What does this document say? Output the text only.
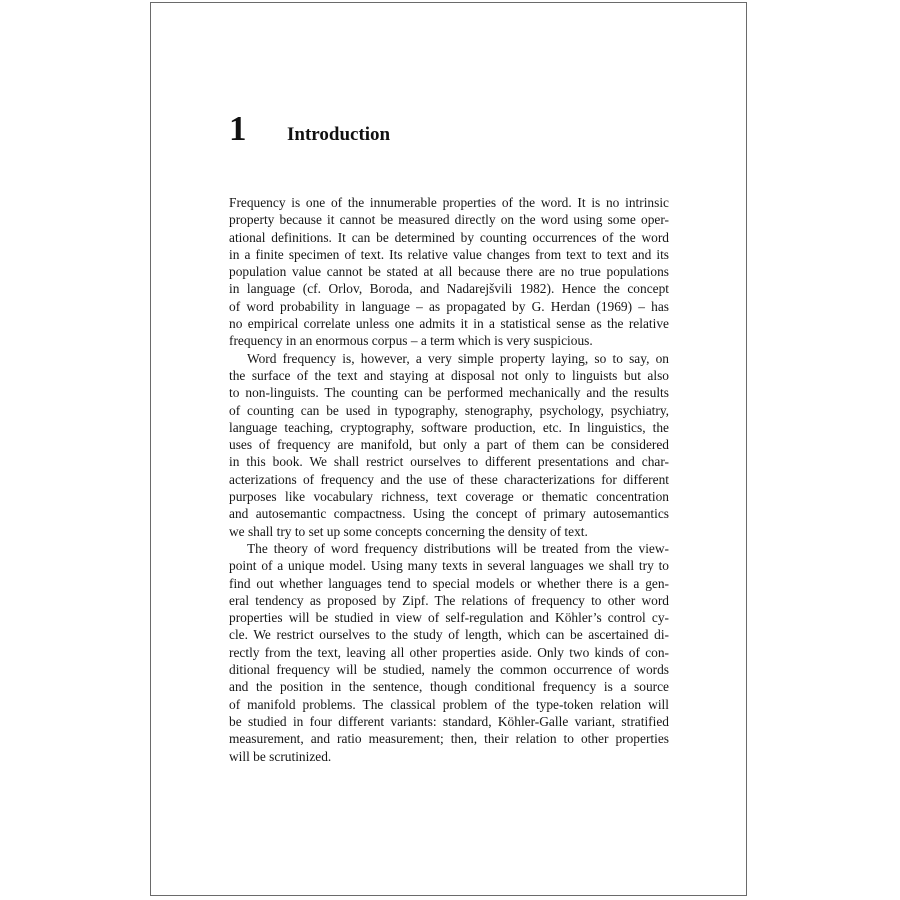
1	Introduction

Frequency is one of the innumerable properties of the word. It is no intrinsic
property because it cannot be measured directly on the word using some oper-
ational definitions. It can be determined by counting occurrences of the word
in a finite specimen of text. Its relative value changes from text to text and its
population value cannot be stated at all because there are no true populations
in language (cf. Orlov, Boroda, and Nadarejšvili 1982). Hence the concept
of word probability in language – as propagated by G. Herdan (1969) – has
no empirical correlate unless one admits it in a statistical sense as the relative
frequency in an enormous corpus – a term which is very suspicious.

Word frequency is, however, a very simple property laying, so to say, on
the surface of the text and staying at disposal not only to linguists but also
to non-linguists. The counting can be performed mechanically and the results
of counting can be used in typography, stenography, psychology, psychiatry,
language teaching, cryptography, software production, etc. In linguistics, the
uses of frequency are manifold, but only a part of them can be considered
in this book. We shall restrict ourselves to different presentations and char-
acterizations of frequency and the use of these characterizations for different
purposes like vocabulary richness, text coverage or thematic concentration
and autosemantic compactness. Using the concept of primary autosemantics
we shall try to set up some concepts concerning the density of text.

The theory of word frequency distributions will be treated from the view-
point of a unique model. Using many texts in several languages we shall try to
find out whether languages tend to special models or whether there is a gen-
eral tendency as proposed by Zipf. The relations of frequency to other word
properties will be studied in view of self-regulation and Köhler’s control cy-
cle. We restrict ourselves to the study of length, which can be ascertained di-
rectly from the text, leaving all other properties aside. Only two kinds of con-
ditional frequency will be studied, namely the common occurrence of words
and the position in the sentence, though conditional frequency is a source
of manifold problems. The classical problem of the type-token relation will
be studied in four different variants: standard, Köhler-Galle variant, stratified
measurement, and ratio measurement; then, their relation to other properties
will be scrutinized.
